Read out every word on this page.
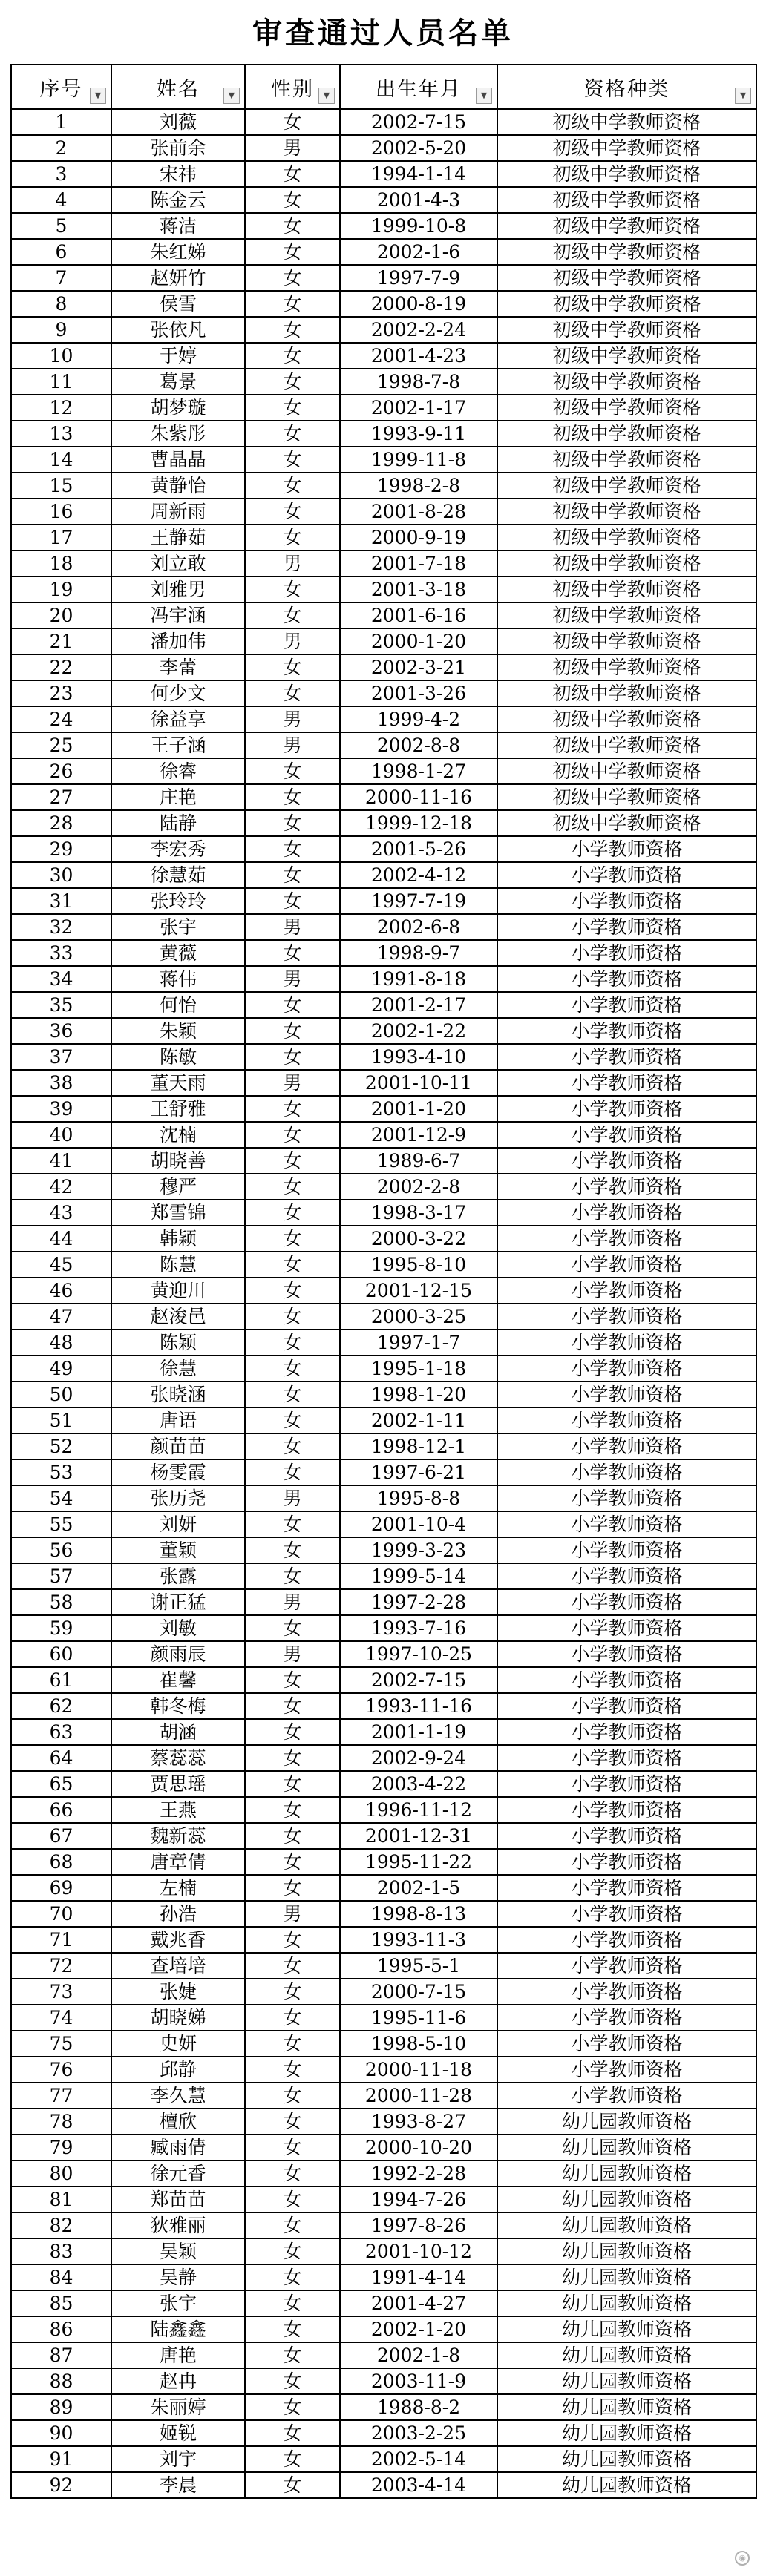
审查通过人员名单
序号 ▼	姓名 ▼	性别 ▼	出生年月 ▼	资格种类 ▼

1	刘薇	女	2002-7-15	初级中学教师资格
2	张前余	男	2002-5-20	初级中学教师资格
3	宋祎	女	1994-1-14	初级中学教师资格
4	陈金云	女	2001-4-3	初级中学教师资格
5	蒋洁	女	1999-10-8	初级中学教师资格
6	朱红娣	女	2002-1-6	初级中学教师资格
7	赵妍竹	女	1997-7-9	初级中学教师资格
8	侯雪	女	2000-8-19	初级中学教师资格
9	张依凡	女	2002-2-24	初级中学教师资格
10	于婷	女	2001-4-23	初级中学教师资格
11	葛景	女	1998-7-8	初级中学教师资格
12	胡梦璇	女	2002-1-17	初级中学教师资格
13	朱紫彤	女	1993-9-11	初级中学教师资格
14	曹晶晶	女	1999-11-8	初级中学教师资格
15	黄静怡	女	1998-2-8	初级中学教师资格
16	周新雨	女	2001-8-28	初级中学教师资格
17	王静茹	女	2000-9-19	初级中学教师资格
18	刘立敢	男	2001-7-18	初级中学教师资格
19	刘雅男	女	2001-3-18	初级中学教师资格
20	冯宇涵	女	2001-6-16	初级中学教师资格
21	潘加伟	男	2000-1-20	初级中学教师资格
22	李蕾	女	2002-3-21	初级中学教师资格
23	何少文	女	2001-3-26	初级中学教师资格
24	徐益享	男	1999-4-2	初级中学教师资格
25	王子涵	男	2002-8-8	初级中学教师资格
26	徐睿	女	1998-1-27	初级中学教师资格
27	庄艳	女	2000-11-16	初级中学教师资格
28	陆静	女	1999-12-18	初级中学教师资格
29	李宏秀	女	2001-5-26	小学教师资格
30	徐慧茹	女	2002-4-12	小学教师资格
31	张玲玲	女	1997-7-19	小学教师资格
32	张宇	男	2002-6-8	小学教师资格
33	黄薇	女	1998-9-7	小学教师资格
34	蒋伟	男	1991-8-18	小学教师资格
35	何怡	女	2001-2-17	小学教师资格
36	朱颖	女	2002-1-22	小学教师资格
37	陈敏	女	1993-4-10	小学教师资格
38	董天雨	男	2001-10-11	小学教师资格
39	王舒雅	女	2001-1-20	小学教师资格
40	沈楠	女	2001-12-9	小学教师资格
41	胡晓善	女	1989-6-7	小学教师资格
42	穆严	女	2002-2-8	小学教师资格
43	郑雪锦	女	1998-3-17	小学教师资格
44	韩颖	女	2000-3-22	小学教师资格
45	陈慧	女	1995-8-10	小学教师资格
46	黄迎川	女	2001-12-15	小学教师资格
47	赵浚邑	女	2000-3-25	小学教师资格
48	陈颖	女	1997-1-7	小学教师资格
49	徐慧	女	1995-1-18	小学教师资格
50	张晓涵	女	1998-1-20	小学教师资格
51	唐语	女	2002-1-11	小学教师资格
52	颜苗苗	女	1998-12-1	小学教师资格
53	杨雯霞	女	1997-6-21	小学教师资格
54	张历尧	男	1995-8-8	小学教师资格
55	刘妍	女	2001-10-4	小学教师资格
56	董颖	女	1999-3-23	小学教师资格
57	张露	女	1999-5-14	小学教师资格
58	谢正猛	男	1997-2-28	小学教师资格
59	刘敏	女	1993-7-16	小学教师资格
60	颜雨辰	男	1997-10-25	小学教师资格
61	崔馨	女	2002-7-15	小学教师资格
62	韩冬梅	女	1993-11-16	小学教师资格
63	胡涵	女	2001-1-19	小学教师资格
64	蔡蕊蕊	女	2002-9-24	小学教师资格
65	贾思瑶	女	2003-4-22	小学教师资格
66	王燕	女	1996-11-12	小学教师资格
67	魏新蕊	女	2001-12-31	小学教师资格
68	唐章倩	女	1995-11-22	小学教师资格
69	左楠	女	2002-1-5	小学教师资格
70	孙浩	男	1998-8-13	小学教师资格
71	戴兆香	女	1993-11-3	小学教师资格
72	查培培	女	1995-5-1	小学教师资格
73	张婕	女	2000-7-15	小学教师资格
74	胡晓娣	女	1995-11-6	小学教师资格
75	史妍	女	1998-5-10	小学教师资格
76	邱静	女	2000-11-18	小学教师资格
77	李久慧	女	2000-11-28	小学教师资格
78	檀欣	女	1993-8-27	幼儿园教师资格
79	臧雨倩	女	2000-10-20	幼儿园教师资格
80	徐元香	女	1992-2-28	幼儿园教师资格
81	郑苗苗	女	1994-7-26	幼儿园教师资格
82	狄雅丽	女	1997-8-26	幼儿园教师资格
83	吴颖	女	2001-10-12	幼儿园教师资格
84	吴静	女	1991-4-14	幼儿园教师资格
85	张宇	女	2001-4-27	幼儿园教师资格
86	陆鑫鑫	女	2002-1-20	幼儿园教师资格
87	唐艳	女	2002-1-8	幼儿园教师资格
88	赵冉	女	2003-11-9	幼儿园教师资格
89	朱丽婷	女	1988-8-2	幼儿园教师资格
90	姬锐	女	2003-2-25	幼儿园教师资格
91	刘宇	女	2002-5-14	幼儿园教师资格
92	李晨	女	2003-4-14	幼儿园教师资格
◉
